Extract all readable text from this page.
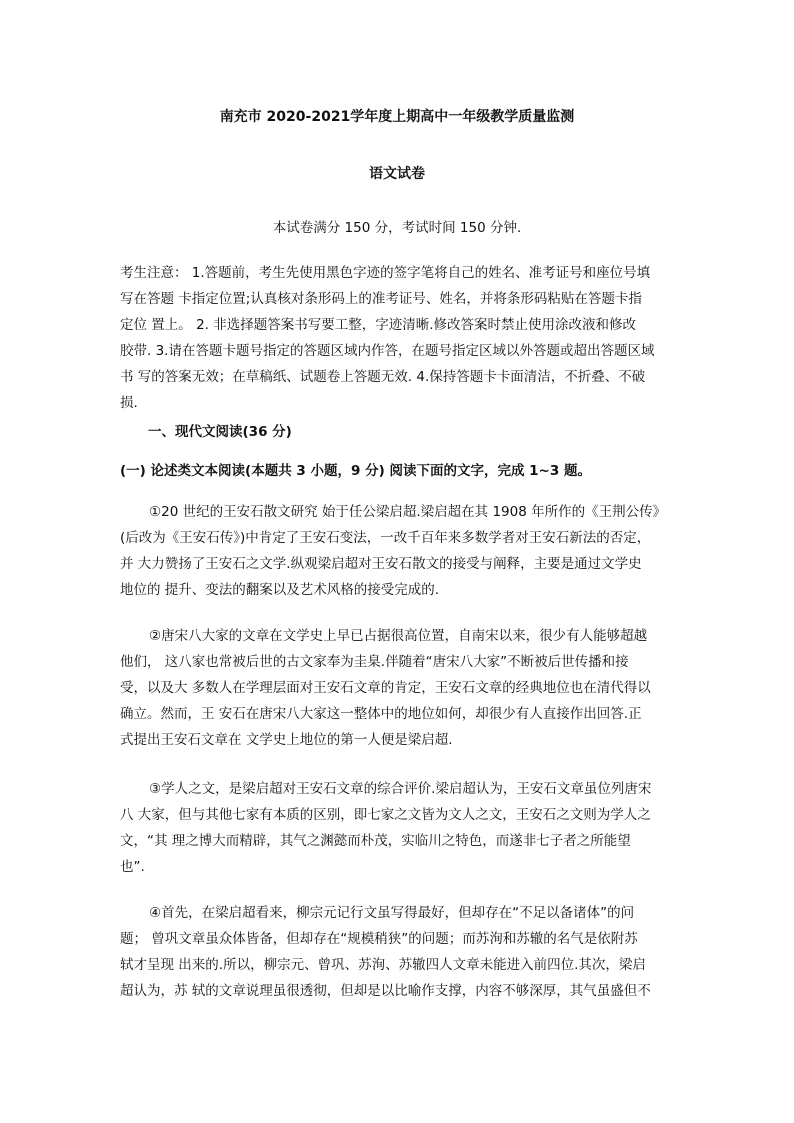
南充市 2020-2021学年度上期高中一年级教学质量监测
语文试卷

本试卷满分 150 分，考试时间 150 分钟.

考生注意： 1.答题前，考生先使用黑色字迹的签字笔将自己的姓名、准考证号和座位号填
写在答题 卡指定位置;认真核对条形码上的准考证号、姓名，并将条形码粘贴在答题卡指
定位 置上。 2. 非选择题答案书写要工整，字迹清晰.修改答案时禁止使用涂改液和修改
胶带. 3.请在答题卡题号指定的答题区域内作答，在题号指定区域以外答题或超出答题区域
书 写的答案无效；在草稿纸、试题卷上答题无效. 4.保持答题卡卡面清洁，不折叠、不破
损.

一、现代文阅读(36 分)

(一) 论述类文本阅读(本题共 3 小题，9 分) 阅读下面的文字，完成 1~3 题。

①20 世纪的王安石散文研究 始于任公梁启超.梁启超在其 1908 年所作的《王荆公传》
(后改为《王安石传》)中肯定了王安石变法，一改千百年来多数学者对王安石新法的否定，
并 大力赞扬了王安石之文学.纵观梁启超对王安石散文的接受与阐释，主要是通过文学史
地位的 提升、变法的翻案以及艺术风格的接受完成的.
②唐宋八大家的文章在文学史上早已占据很高位置，自南宋以来，很少有人能够超越
他们， 这八家也常被后世的古文家奉为圭臬.伴随着“唐宋八大家”不断被后世传播和接
受，以及大 多数人在学理层面对王安石文章的肯定，王安石文章的经典地位也在清代得以
确立。然而，王 安石在唐宋八大家这一整体中的地位如何，却很少有人直接作出回答.正
式提出王安石文章在 文学史上地位的第一人便是梁启超.
③学人之文，是梁启超对王安石文章的综合评价.梁启超认为，王安石文章虽位列唐宋
八 大家，但与其他七家有本质的区别，即七家之文皆为文人之文，王安石之文则为学人之
文，“其 理之博大而精辟，其气之渊懿而朴茂，实临川之特色，而遂非七子者之所能望
也”.
④首先，在梁启超看来，柳宗元记行文虽写得最好，但却存在“不足以备诸体”的问
题； 曾巩文章虽众体皆备，但却存在“规模稍狭”的问题；而苏洵和苏辙的名气是依附苏
轼才呈现 出来的.所以，柳宗元、曾巩、苏洵、苏辙四人文章未能进入前四位.其次，梁启
超认为，苏 轼的文章说理虽很透彻，但却是以比喻作支撑，内容不够深厚，其气虽盛但不
